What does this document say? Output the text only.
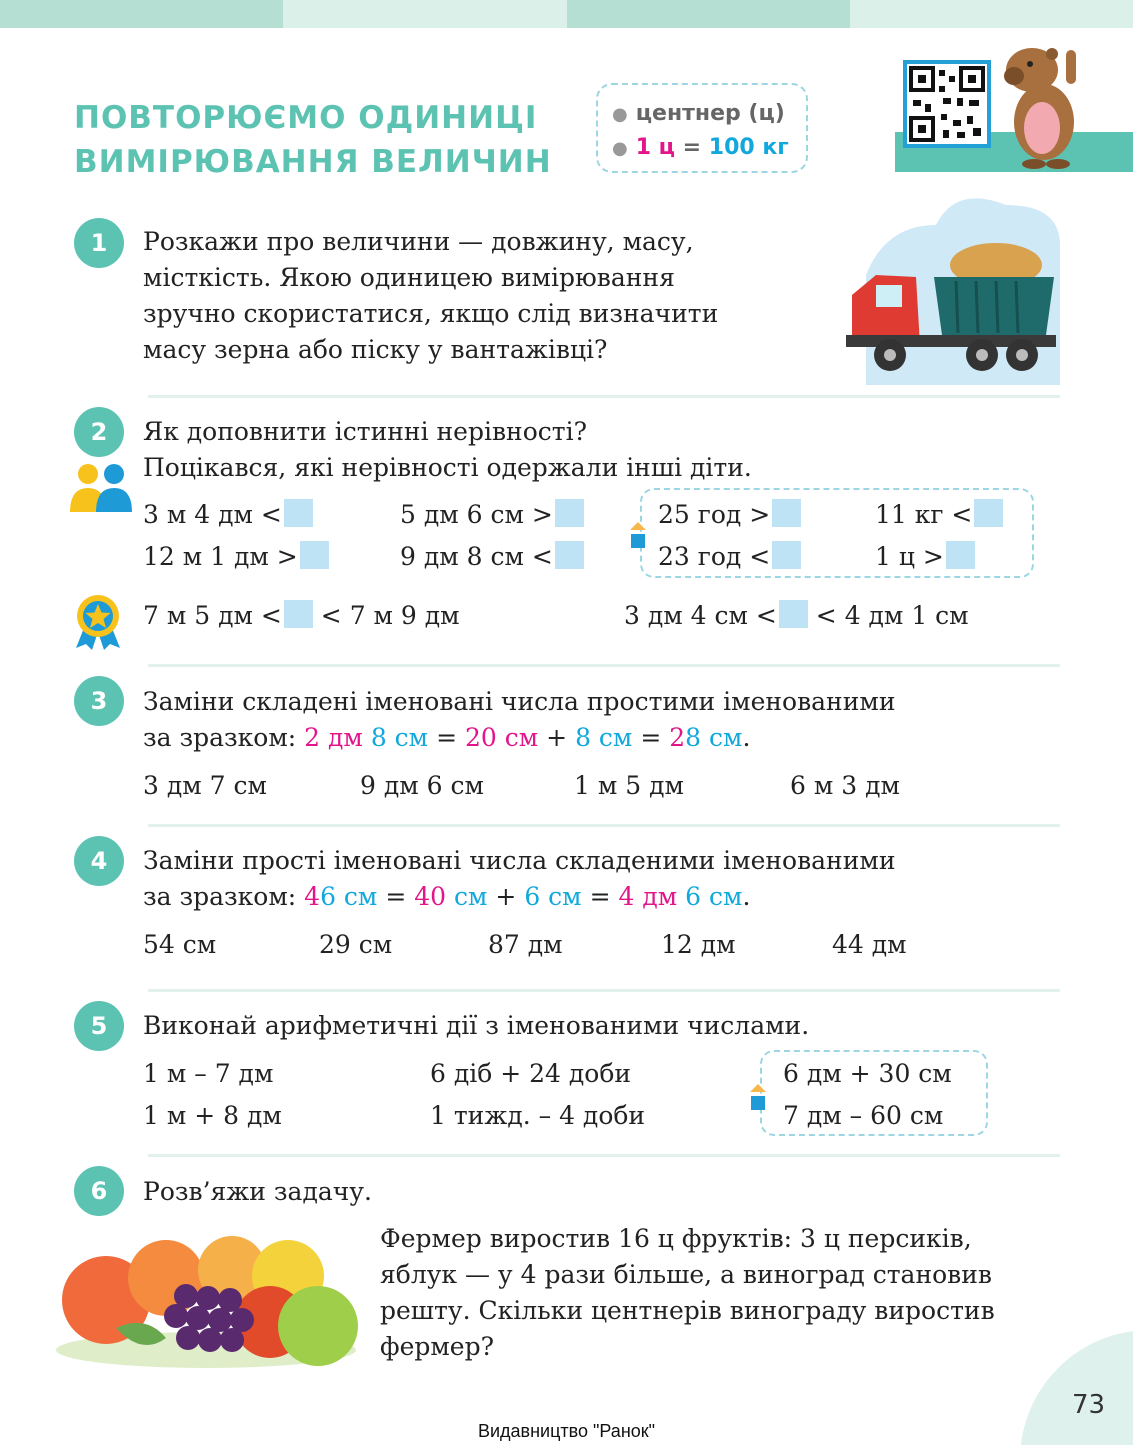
ПОВТОРЮЄМО ОДИНИЦІ
ВИМІРЮВАННЯ ВЕЛИЧИН
● центнер (ц)
● 1 ц = 100 кг
1	Розкажи про величини — довжину, масу,
місткість. Якою одиницею вимірювання
зручно скористатися, якщо слід визначити
масу зерна або піску у вантажівці?
2	Як доповнити істинні нерівності?
Поцікався, які нерівності одержали інші діти.
3 м 4 дм <	5 дм 6 см >	25 год >	11 кг <
12 м 1 дм >	9 дм 8 см <	23 год <	1 ц >
7 м 5 дм < < 7 м 9 дм	3 дм 4 см < < 4 дм 1 см
3	Заміни складені іменовані числа простими іменованими
за зразком: 2 дм 8 см = 20 см + 8 см = 28 см.
3 дм 7 см	9 дм 6 см	1 м 5 дм	6 м 3 дм
4	Заміни прості іменовані числа складеними іменованими
за зразком: 46 см = 40 см + 6 см = 4 дм 6 см.
54 см	29 см	87 дм	12 дм	44 дм
5	Виконай арифметичні дії з іменованими числами.
1 м – 7 дм	6 діб + 24 доби	6 дм + 30 см
1 м + 8 дм	1 тижд. – 4 доби	7 дм – 60 см
6	Розв’яжи задачу.
Фермер виростив 16 ц фруктів: 3 ц персиків,
яблук — у 4 рази більше, а виноград становив
решту. Скільки центнерів винограду виростив
фермер?
73
Видавництво "Ранок"
